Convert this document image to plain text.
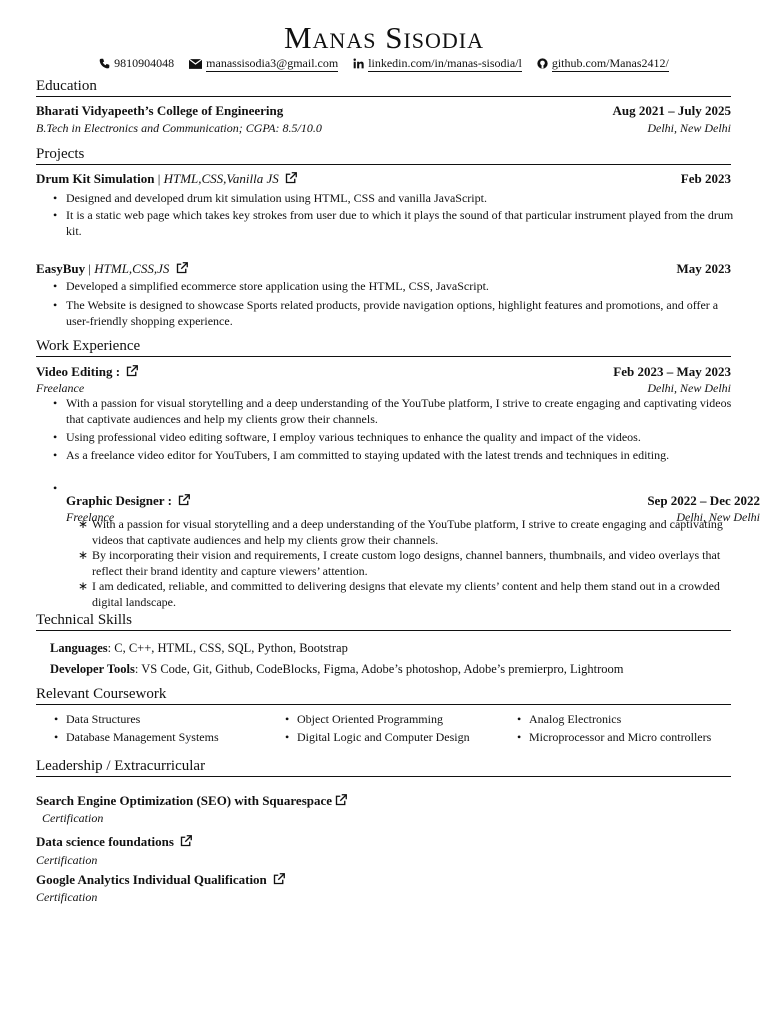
Manas Sisodia
9810904048	manassisodia3@gmail.com	linkedin.com/in/manas-sisodia/l	github.com/Manas2412/
Education
Bharati Vidyapeeth’s College of Engineering	Aug 2021 – July 2025
B.Tech in Electronics and Communication; CGPA: 8.5/10.0	Delhi, New Delhi
Projects
Drum Kit Simulation | HTML,CSS,Vanilla JS	Feb 2023
• Designed and developed drum kit simulation using HTML, CSS and vanilla JavaScript.
• It is a static web page which takes key strokes from user due to which it plays the sound of that particular instrument played from the drum kit.
EasyBuy | HTML,CSS,JS	May 2023
• Developed a simplified ecommerce store application using the HTML, CSS, JavaScript.
• The Website is designed to showcase Sports related products, provide navigation options, highlight features and promotions, and offer a user-friendly shopping experience.
Work Experience
Video Editing :	Feb 2023 – May 2023
Freelance	Delhi, New Delhi
• With a passion for visual storytelling and a deep understanding of the YouTube platform, I strive to create engaging and captivating videos that captivate audiences and help my clients grow their channels.
• Using professional video editing software, I employ various techniques to enhance the quality and impact of the videos.
• As a freelance video editor for YouTubers, I am committed to staying updated with the latest trends and techniques in editing.
•
Graphic Designer :	Sep 2022 – Dec 2022
Freelance	Delhi, New Delhi
∗ With a passion for visual storytelling and a deep understanding of the YouTube platform, I strive to create engaging and captivating videos that captivate audiences and help my clients grow their channels.
∗ By incorporating their vision and requirements, I create custom logo designs, channel banners, thumbnails, and video overlays that reflect their brand identity and capture viewers’ attention.
∗ I am dedicated, reliable, and committed to delivering designs that elevate my clients’ content and help them stand out in a crowded digital landscape.
Technical Skills
Languages: C, C++, HTML, CSS, SQL, Python, Bootstrap
Developer Tools: VS Code, Git, Github, CodeBlocks, Figma, Adobe’s photoshop, Adobe’s premierpro, Lightroom
Relevant Coursework
• Data Structures	• Object Oriented Programming	• Analog Electronics
• Database Management Systems	• Digital Logic and Computer Design	• Microprocessor and Micro controllers
Leadership / Extracurricular
Search Engine Optimization (SEO) with Squarespace
Certification
Data science foundations
Certification
Google Analytics Individual Qualification
Certification
